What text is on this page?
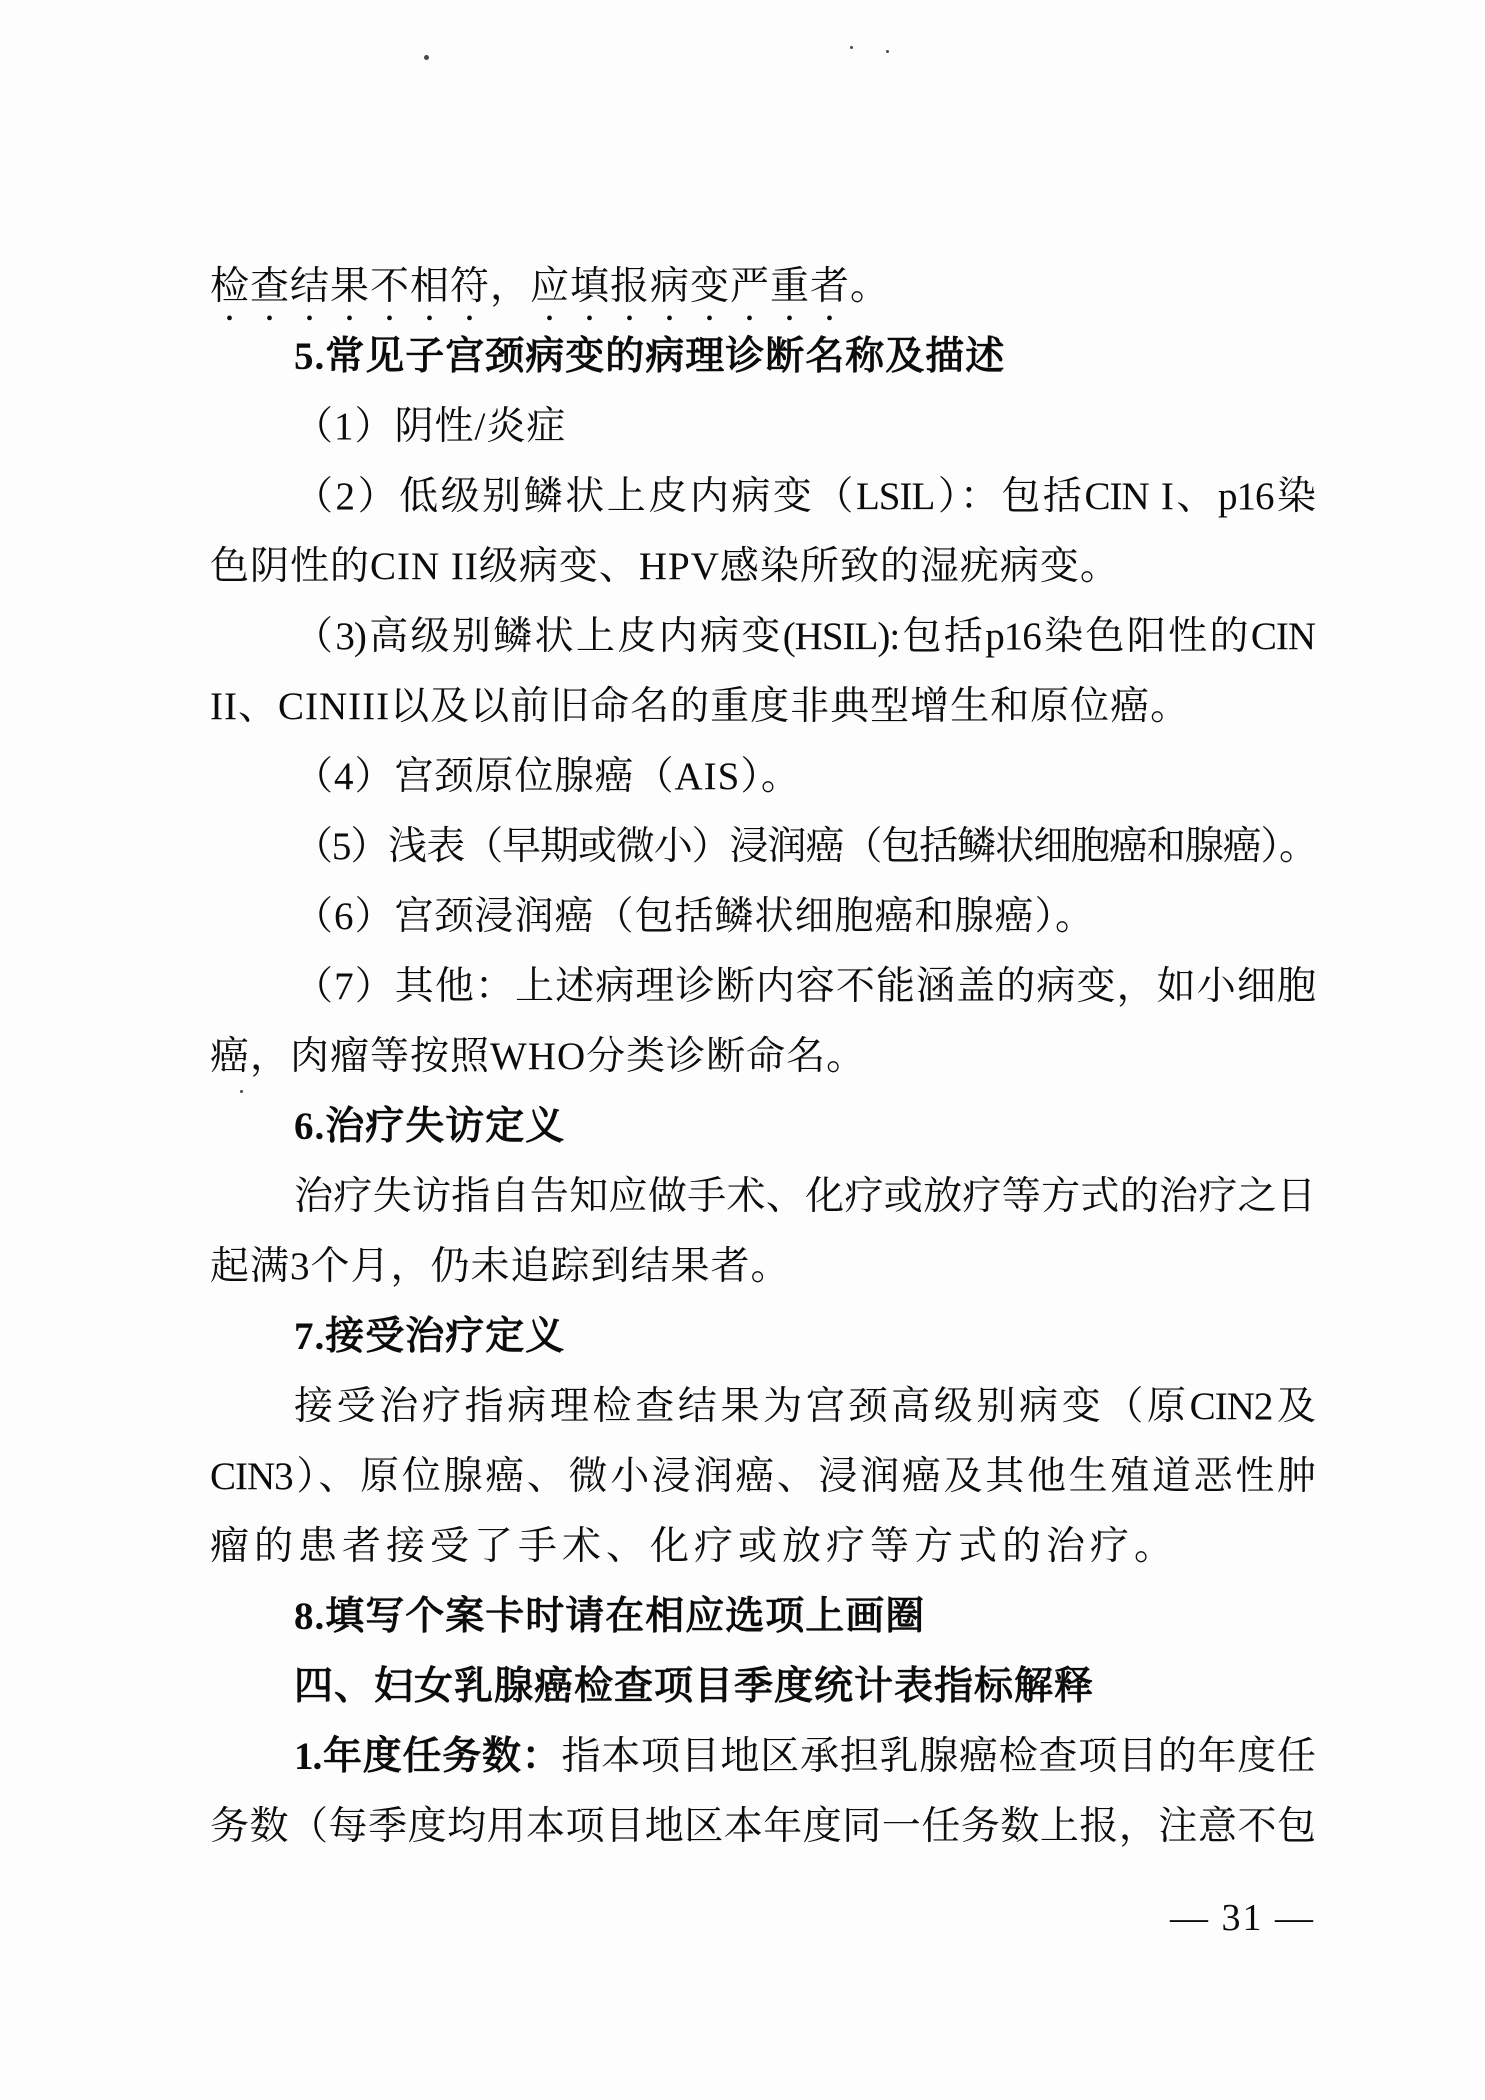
检查结果不相符，应填报病变严重者。
5.常见子宫颈病变的病理诊断名称及描述
（1）阴性/炎症
（2）低级别鳞状上皮内病变（LSIL）：包括CIN I、p16染
色阴性的CIN II级病变、HPV感染所致的湿疣病变。
（3)高级别鳞状上皮内病变(HSIL):包括p16染色阳性的CIN
II、CINIII以及以前旧命名的重度非典型增生和原位癌。
（4）宫颈原位腺癌（AIS）。
（5）浅表（早期或微小）浸润癌（包括鳞状细胞癌和腺癌）。
（6）宫颈浸润癌（包括鳞状细胞癌和腺癌）。
（7）其他：上述病理诊断内容不能涵盖的病变，如小细胞
癌，肉瘤等按照WHO分类诊断命名。
6.治疗失访定义
治疗失访指自告知应做手术、化疗或放疗等方式的治疗之日
起满3个月，仍未追踪到结果者。
7.接受治疗定义
接受治疗指病理检查结果为宫颈高级别病变（原CIN2及
CIN3）、原位腺癌、微小浸润癌、浸润癌及其他生殖道恶性肿
瘤的患者接受了手术、化疗或放疗等方式的治疗。
8.填写个案卡时请在相应选项上画圈
四、妇女乳腺癌检查项目季度统计表指标解释
1.年度任务数：指本项目地区承担乳腺癌检查项目的年度任
务数（每季度均用本项目地区本年度同一任务数上报，注意不包
— 31 —
